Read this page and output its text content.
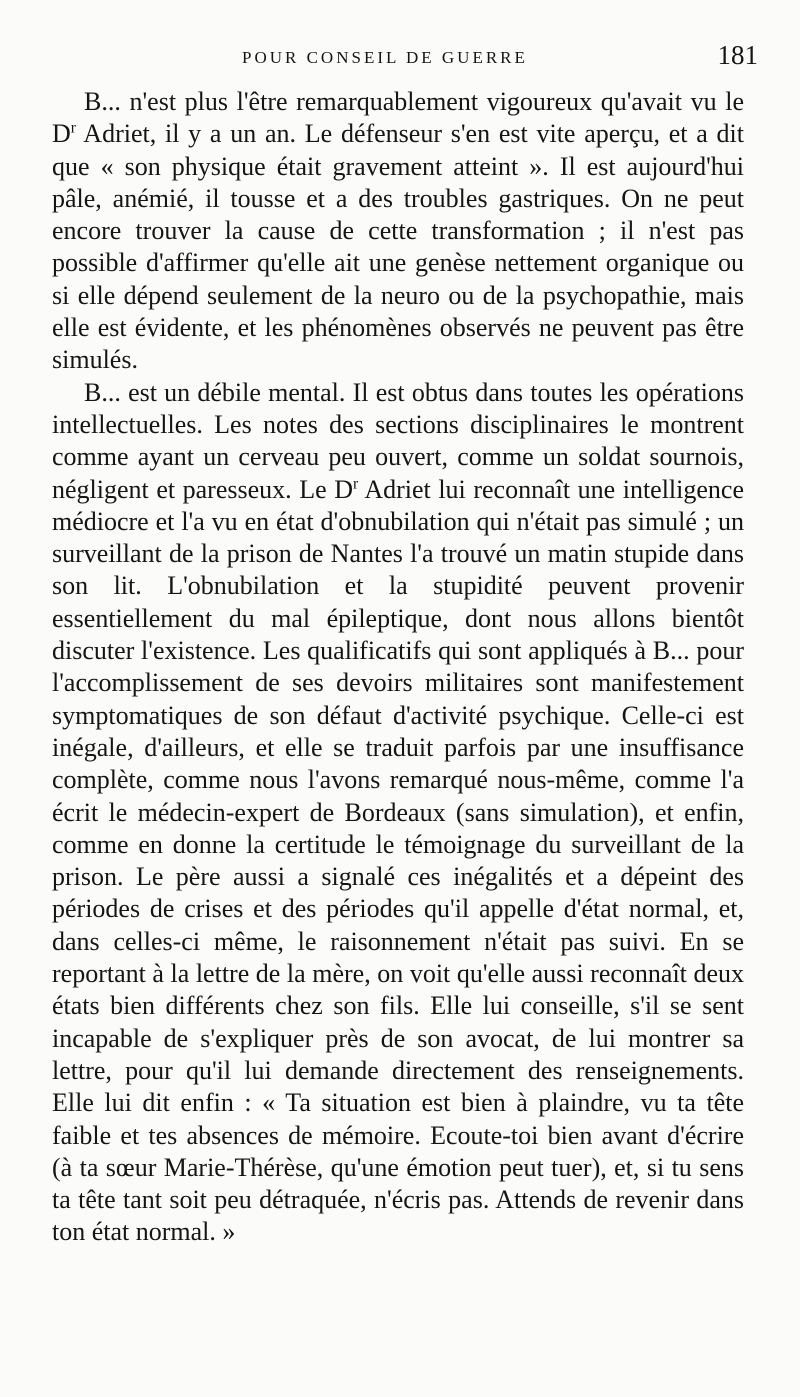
POUR CONSEIL DE GUERRE	181

B... n'est plus l'être remarquablement vigoureux qu'avait vu le $D^r$ Adriet, il y a un an. Le défenseur s'en est vite aperçu, et a dit que « son physique était gravement atteint ». Il est aujourd'hui pâle, anémié, il tousse et a des troubles gastriques. On ne peut encore trouver la cause de cette transformation ; il n'est pas possible d'affirmer qu'elle ait une genèse nettement organique ou si elle dépend seulement de la neuro ou de la psychopathie, mais elle est évidente, et les phénomènes observés ne peuvent pas être simulés.

B... est un débile mental. Il est obtus dans toutes les opérations intellectuelles. Les notes des sections disciplinaires le montrent comme ayant un cerveau peu ouvert, comme un soldat sournois, négligent et paresseux. Le $D^r$ Adriet lui reconnaît une intelligence médiocre et l'a vu en état d'obnubilation qui n'était pas simulé ; un surveillant de la prison de Nantes l'a trouvé un matin stupide dans son lit. L'obnubilation et la stupidité peuvent provenir essentiellement du mal épileptique, dont nous allons bientôt discuter l'existence. Les qualificatifs qui sont appliqués à B... pour l'accomplissement de ses devoirs militaires sont manifestement symptomatiques de son défaut d'activité psychique. Celle-ci est inégale, d'ailleurs, et elle se traduit parfois par une insuffisance complète, comme nous l'avons remarqué nous-même, comme l'a écrit le médecin-expert de Bordeaux (sans simulation), et enfin, comme en donne la certitude le témoignage du surveillant de la prison. Le père aussi a signalé ces inégalités et a dépeint des périodes de crises et des périodes qu'il appelle d'état normal, et, dans celles-ci même, le raisonnement n'était pas suivi. En se reportant à la lettre de la mère, on voit qu'elle aussi reconnaît deux états bien différents chez son fils. Elle lui conseille, s'il se sent incapable de s'expliquer près de son avocat, de lui montrer sa lettre, pour qu'il lui demande directement des renseignements. Elle lui dit enfin : « Ta situation est bien à plaindre, vu ta tête faible et tes absences de mémoire. Ecoute-toi bien avant d'écrire (à ta sœur Marie-Thérèse, qu'une émotion peut tuer), et, si tu sens ta tête tant soit peu détraquée, n'écris pas. Attends de revenir dans ton état normal. »
